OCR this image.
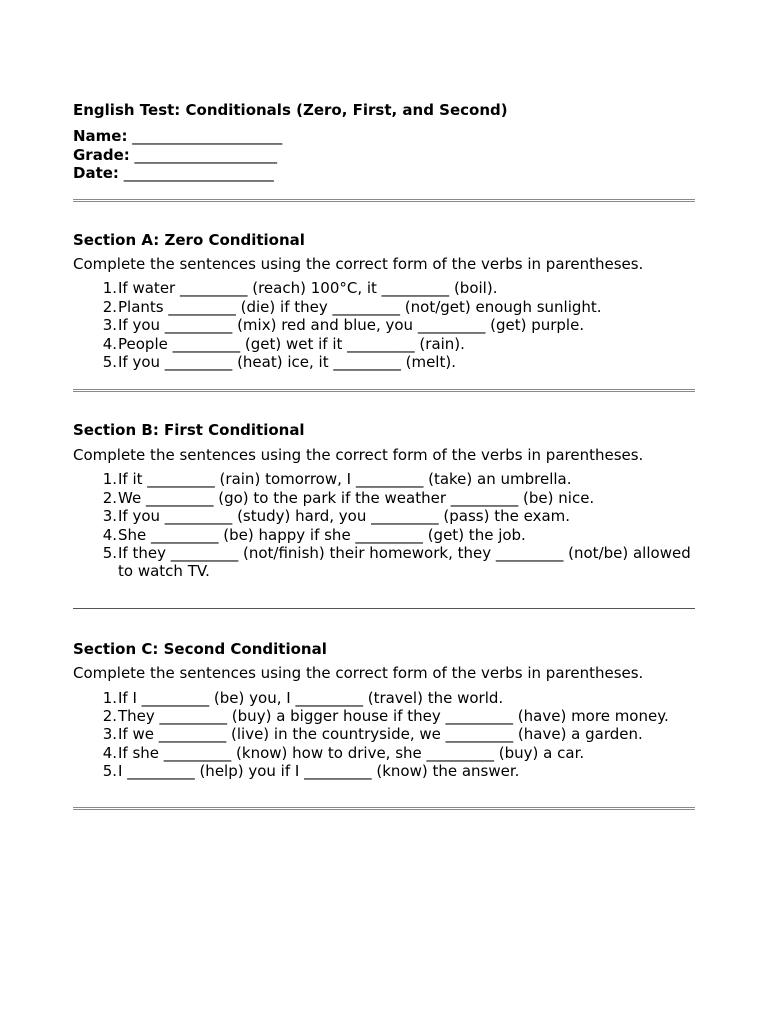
English Test: Conditionals (Zero, First, and Second)
Name: ____________________
Grade: ___________________
Date: ____________________
Section A: Zero Conditional
Complete the sentences using the correct form of the verbs in parentheses.
1. If water _________ (reach) 100°C, it _________ (boil).
2. Plants _________ (die) if they _________ (not/get) enough sunlight.
3. If you _________ (mix) red and blue, you _________ (get) purple.
4. People _________ (get) wet if it _________ (rain).
5. If you _________ (heat) ice, it _________ (melt).
Section B: First Conditional
Complete the sentences using the correct form of the verbs in parentheses.
1. If it _________ (rain) tomorrow, I _________ (take) an umbrella.
2. We _________ (go) to the park if the weather _________ (be) nice.
3. If you _________ (study) hard, you _________ (pass) the exam.
4. She _________ (be) happy if she _________ (get) the job.
5. If they _________ (not/finish) their homework, they _________ (not/be) allowed to watch TV.
Section C: Second Conditional
Complete the sentences using the correct form of the verbs in parentheses.
1. If I _________ (be) you, I _________ (travel) the world.
2. They _________ (buy) a bigger house if they _________ (have) more money.
3. If we _________ (live) in the countryside, we _________ (have) a garden.
4. If she _________ (know) how to drive, she _________ (buy) a car.
5. I _________ (help) you if I _________ (know) the answer.
